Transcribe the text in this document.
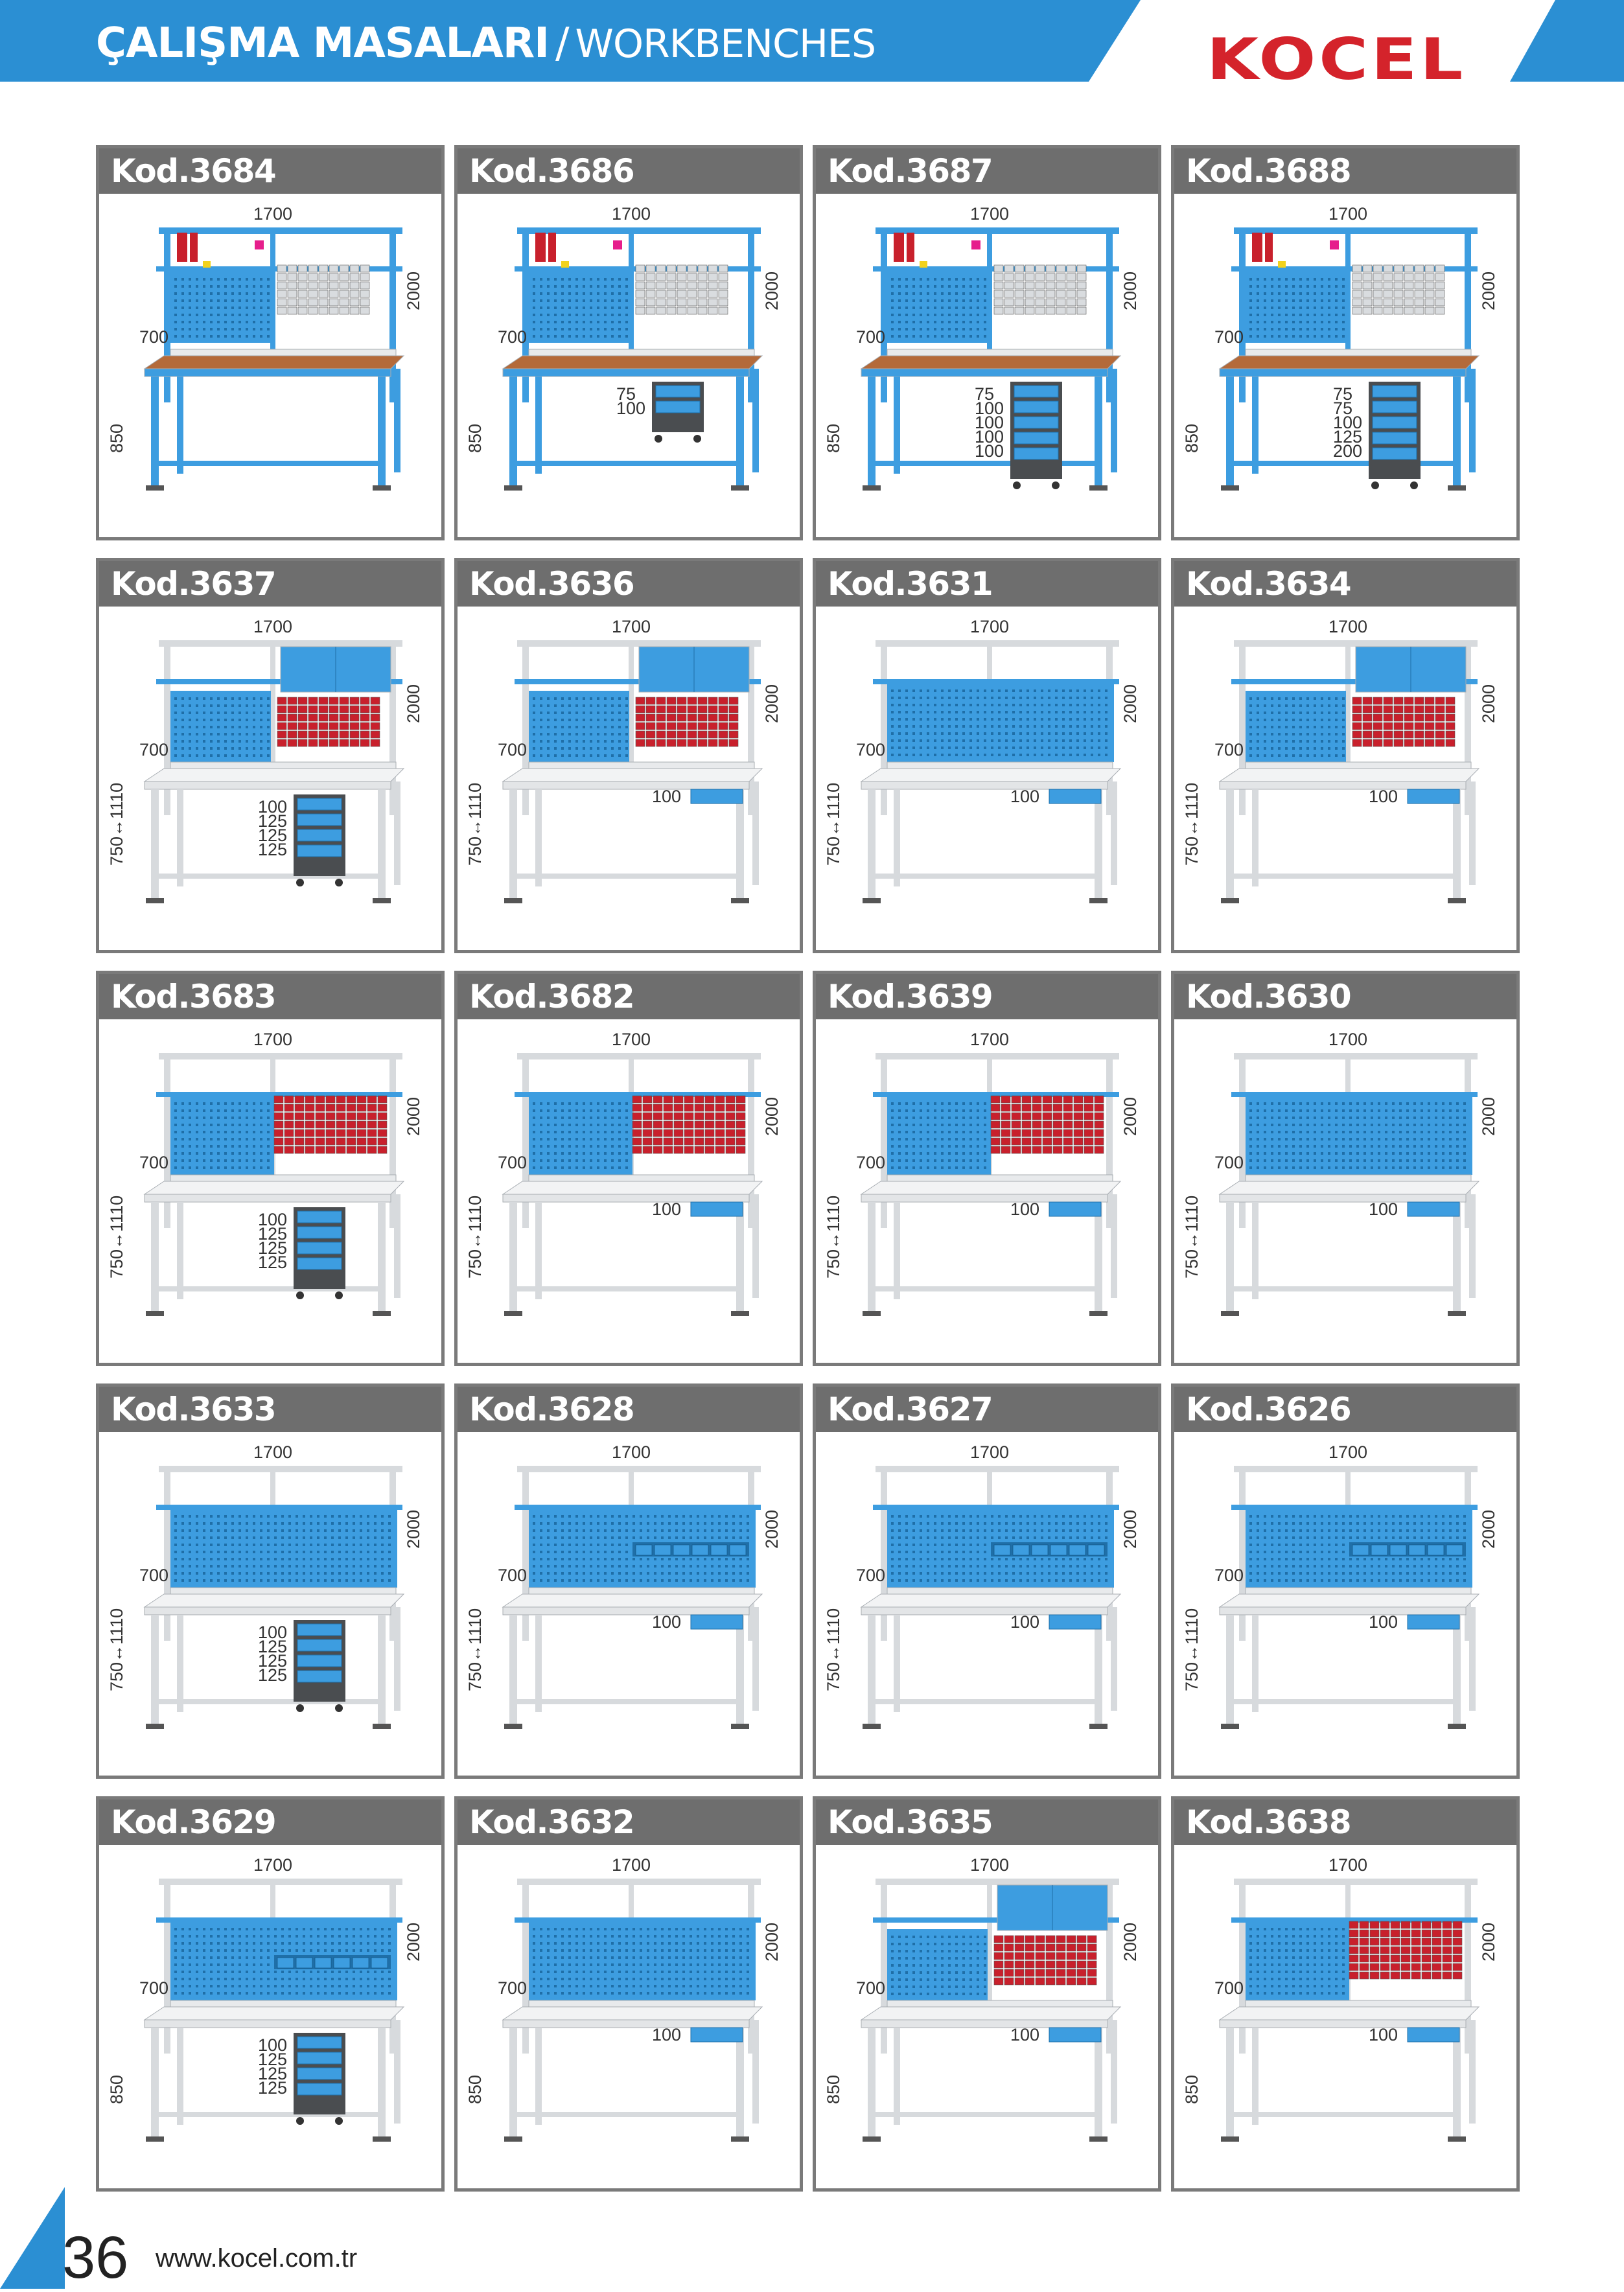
ÇALIŞMA MASALARI / WORKBENCHES	KOCEL
Kod.3684
1700
2000
700
850
Kod.3686
75
100
1700
2000
700
850
Kod.3687
75
100
100
100
100
1700
2000
700
850
Kod.3688
75
75
100
125
200
1700
2000
700
850
Kod.3637
100
125
125
125
1700
2000
700
750↔1110
Kod.3636
100
1700
2000
700
750↔1110
Kod.3631
100
1700
2000
700
750↔1110
Kod.3634
100
1700
2000
700
750↔1110
Kod.3683
100
125
125
125
1700
2000
700
750↔1110
Kod.3682
100
1700
2000
700
750↔1110
Kod.3639
100
1700
2000
700
750↔1110
Kod.3630
100
1700
2000
700
750↔1110
Kod.3633
100
125
125
125
1700
2000
700
750↔1110
Kod.3628
100
1700
2000
700
750↔1110
Kod.3627
100
1700
2000
700
750↔1110
Kod.3626
100
1700
2000
700
750↔1110
Kod.3629
100
125
125
125
1700
2000
700
850
Kod.3632
100
1700
2000
700
850
Kod.3635
100
1700
2000
700
850
Kod.3638
100
1700
2000
700
850
36 www.kocel.com.tr
